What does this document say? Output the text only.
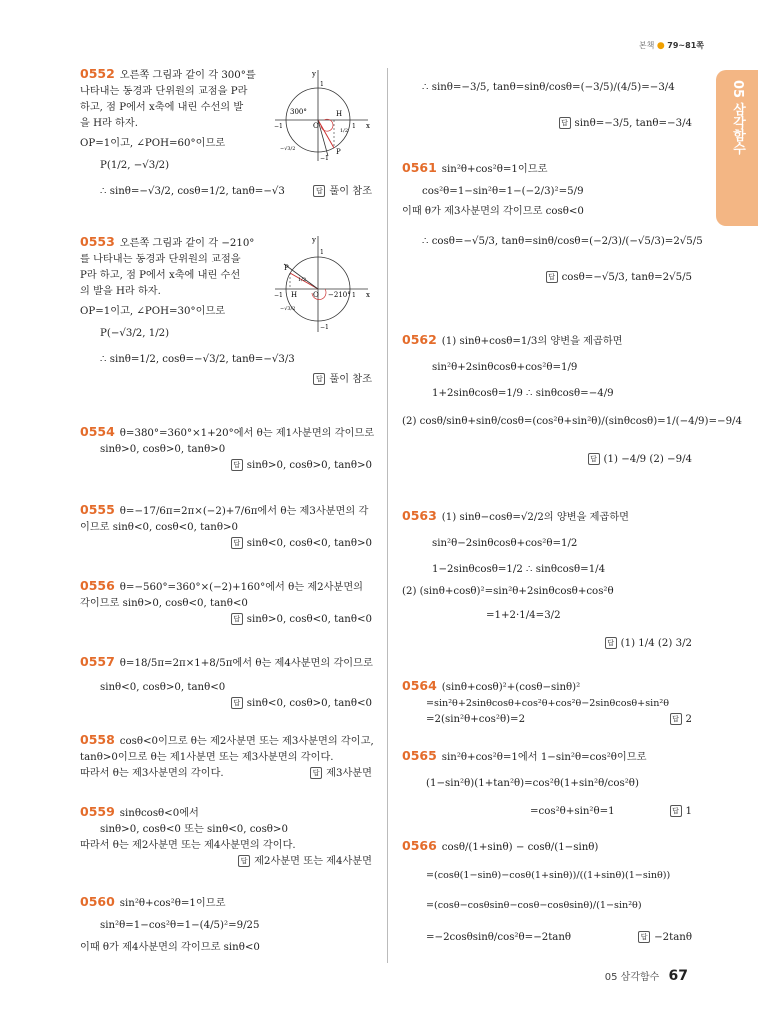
본책 ● 79~81쪽
05 삼각함수
0552 오른쪽 그림과 같이 각 300°를
나타내는 동경과 단위원의 교점을 P라
하고, 점 P에서 x축에 내린 수선의 발
을 H라 하자.
OP=1이고, ∠POH=60°이므로
P(1/2, −√3/2)
∴ sinθ=−√3/2, cosθ=1/2, tanθ=−√3	답 풀이 참조
y
x
O
H
P
1
−1	1
−1
300°
1/2
−√3/2
0553 오른쪽 그림과 같이 각 −210°
를 나타내는 동경과 단위원의 교점을
P라 하고, 점 P에서 x축에 내린 수선
의 발을 H라 하자.
OP=1이고, ∠POH=30°이므로
P(−√3/2, 1/2)
∴ sinθ=1/2, cosθ=−√3/2, tanθ=−√3/3
답 풀이 참조
y
x
O
H
P
1
−1	1
−1
−210°
1/2
−√3/2
0554 θ=380°=360°×1+20°에서 θ는 제1사분면의 각이므로
sinθ>0, cosθ>0, tanθ>0
답 sinθ>0, cosθ>0, tanθ>0
0555 θ=−17/6π=2π×(−2)+7/6π에서 θ는 제3사분면의 각
이므로 sinθ<0, cosθ<0, tanθ>0
답 sinθ<0, cosθ<0, tanθ>0
0556 θ=−560°=360°×(−2)+160°에서 θ는 제2사분면의
각이므로 sinθ>0, cosθ<0, tanθ<0
답 sinθ>0, cosθ<0, tanθ<0
0557 θ=18/5π=2π×1+8/5π에서 θ는 제4사분면의 각이므로
sinθ<0, cosθ>0, tanθ<0
답 sinθ<0, cosθ>0, tanθ<0
0558 cosθ<0이므로 θ는 제2사분면 또는 제3사분면의 각이고,
tanθ>0이므로 θ는 제1사분면 또는 제3사분면의 각이다.
따라서 θ는 제3사분면의 각이다.	답 제3사분면
0559 sinθcosθ<0에서
sinθ>0, cosθ<0 또는 sinθ<0, cosθ>0
따라서 θ는 제2사분면 또는 제4사분면의 각이다.
답 제2사분면 또는 제4사분면
0560 sin²θ+cos²θ=1이므로
sin²θ=1−cos²θ=1−(4/5)²=9/25
이때 θ가 제4사분면의 각이므로 sinθ<0
∴ sinθ=−3/5, tanθ=sinθ/cosθ=(−3/5)/(4/5)=−3/4
답 sinθ=−3/5, tanθ=−3/4
0561 sin²θ+cos²θ=1이므로
cos²θ=1−sin²θ=1−(−2/3)²=5/9
이때 θ가 제3사분면의 각이므로 cosθ<0
∴ cosθ=−√5/3, tanθ=sinθ/cosθ=(−2/3)/(−√5/3)=2√5/5
답 cosθ=−√5/3, tanθ=2√5/5
0562 (1) sinθ+cosθ=1/3의 양변을 제곱하면
sin²θ+2sinθcosθ+cos²θ=1/9
1+2sinθcosθ=1/9 ∴ sinθcosθ=−4/9
(2) cosθ/sinθ+sinθ/cosθ=(cos²θ+sin²θ)/(sinθcosθ)=1/(−4/9)=−9/4
답 (1) −4/9 (2) −9/4
0563 (1) sinθ−cosθ=√2/2의 양변을 제곱하면
sin²θ−2sinθcosθ+cos²θ=1/2
1−2sinθcosθ=1/2 ∴ sinθcosθ=1/4
(2) (sinθ+cosθ)²=sin²θ+2sinθcosθ+cos²θ
=1+2·1/4=3/2
답 (1) 1/4 (2) 3/2
0564 (sinθ+cosθ)²+(cosθ−sinθ)²
=sin²θ+2sinθcosθ+cos²θ+cos²θ−2sinθcosθ+sin²θ
=2(sin²θ+cos²θ)=2	답 2
0565 sin²θ+cos²θ=1에서 1−sin²θ=cos²θ이므로
(1−sin²θ)(1+tan²θ)=cos²θ(1+sin²θ/cos²θ)
=cos²θ+sin²θ=1	답 1
0566 cosθ/(1+sinθ) − cosθ/(1−sinθ)
=(cosθ(1−sinθ)−cosθ(1+sinθ))/((1+sinθ)(1−sinθ))
=(cosθ−cosθsinθ−cosθ−cosθsinθ)/(1−sin²θ)
=−2cosθsinθ/cos²θ=−2tanθ	답 −2tanθ
05 삼각함수 67
